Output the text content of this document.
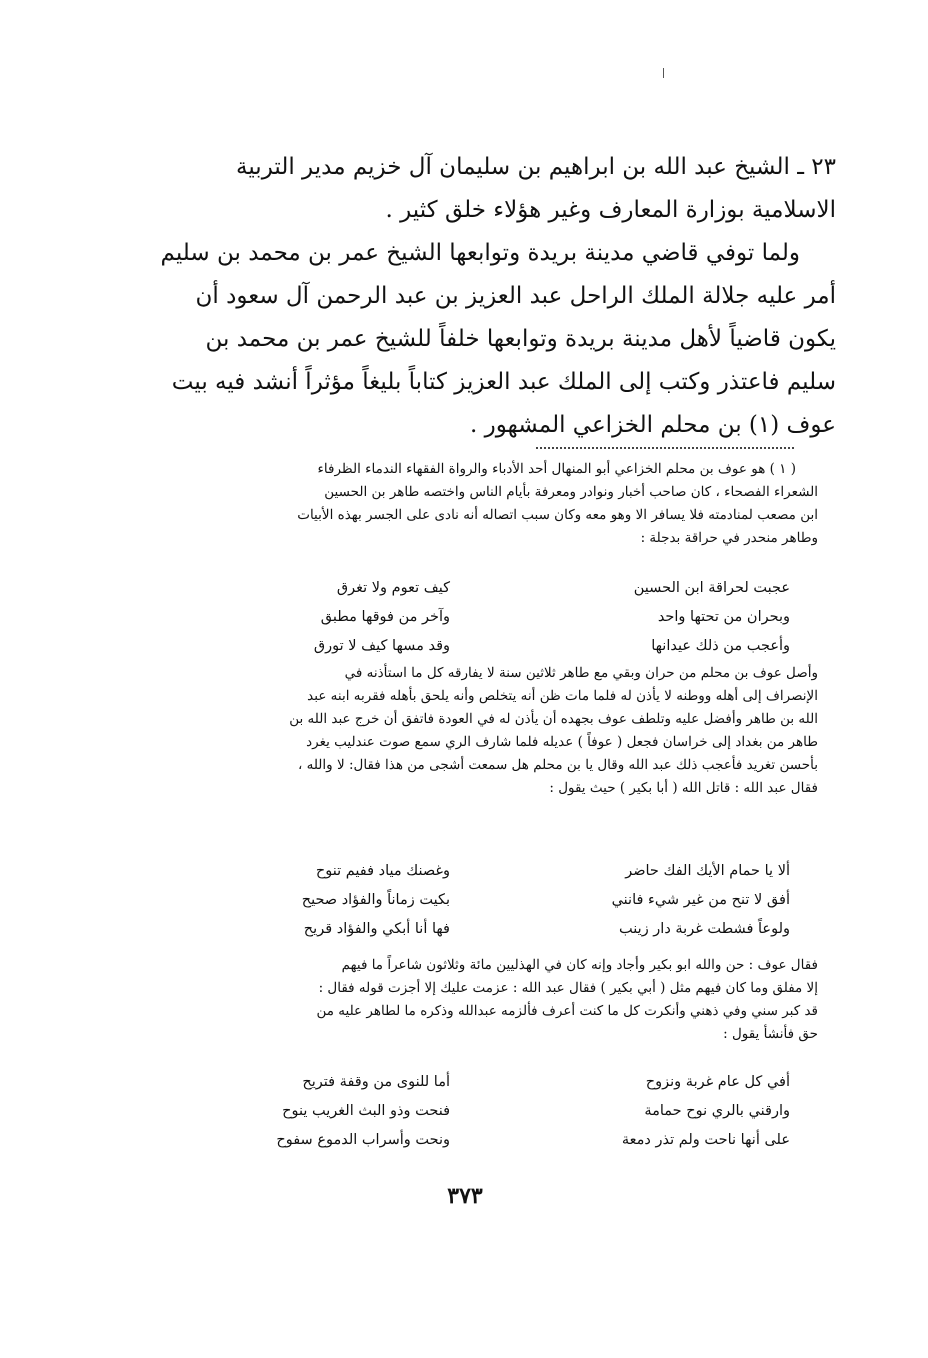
٢٣ ـ الشيخ عبد الله بن ابراهيم بن سليمان آل خزيم مدير التربية
الاسلامية بوزارة المعارف وغير هؤلاء خلق كثير .
ولما توفي قاضي مدينة بريدة وتوابعها الشيخ عمر بن محمد بن سليم
أمر عليه جلالة الملك الراحل عبد العزيز بن عبد الرحمن آل سعود أن
يكون قاضياً لأهل مدينة بريدة وتوابعها خلفاً للشيخ عمر بن محمد بن
سليم فاعتذر وكتب إلى الملك عبد العزيز كتاباً بليغاً مؤثراً أنشد فيه بيت
عوف (١) بن محلم الخزاعي المشهور .
( ١ ) هو عوف بن محلم الخزاعي أبو المنهال أحد الأدباء والرواة الفقهاء الندماء الظرفاء
الشعراء الفصحاء ، كان صاحب أخبار ونوادر ومعرفة بأيام الناس واختصه طاهر بن الحسين
ابن مصعب لمنادمته فلا يسافر الا وهو معه وكان سبب اتصاله أنه نادى على الجسر بهذه الأبيات
وطاهر منحدر في حراقة بدجلة :
عجبت لحراقة ابن الحسين
كيف تعوم ولا تغرق
وبحران من تحتها واحد
وآخر من فوقها مطبق
وأعجب من ذلك عيدانها
وقد مسها كيف لا تورق
وأصل عوف بن محلم من حران وبقي مع طاهر ثلاثين سنة لا يفارقه كل ما استأذنه في
الإنصراف إلى أهله ووطنه لا يأذن له فلما مات ظن أنه يتخلص وأنه يلحق بأهله فقربه ابنه عبد
الله بن طاهر وأفضل عليه وتلطف عوف بجهده أن يأذن له في العودة فاتفق أن خرج عبد الله بن
طاهر من بغداد إلى خراسان فجعل ( عوفاً ) عديله فلما شارف الري سمع صوت عندليب يغرد
بأحسن تغريد فأعجب ذلك عبد الله وقال يا بن محلم هل سمعت أشجى من هذا فقال: لا والله ،
فقال عبد الله : قاتل الله ( أبا بكير ) حيث يقول :
ألا يا حمام الأيك الفك حاضر
وغصنك مياد ففيم تنوح
أفق لا تنح من غير شيء فانني
بكيت زماناً والفؤاد صحيح
ولوعاً فشطت غربة دار زينب
فها أنا أبكي والفؤاد قريح
فقال عوف : حن والله ابو بكير وأجاد وإنه كان في الهذليين مائة وثلاثون شاعراً ما فيهم
إلا مفلق وما كان فيهم مثل ( أبي بكير ) فقال عبد الله : عزمت عليك إلا أجزت قوله فقال :
قد كبر سني وفي ذهني وأنكرت كل ما كنت أعرف فألزمه عبدالله وذكره ما لطاهر عليه من
حق فأنشأ يقول :
أفي كل عام غربة ونزوح
أما للنوى من وقفة فتريح
وارقني بالري نوح حمامة
فنحت وذو البث الغريب ينوح
على أنها ناحت ولم تذر دمعة
ونحت وأسراب الدموع سفوح
٣٧٣
